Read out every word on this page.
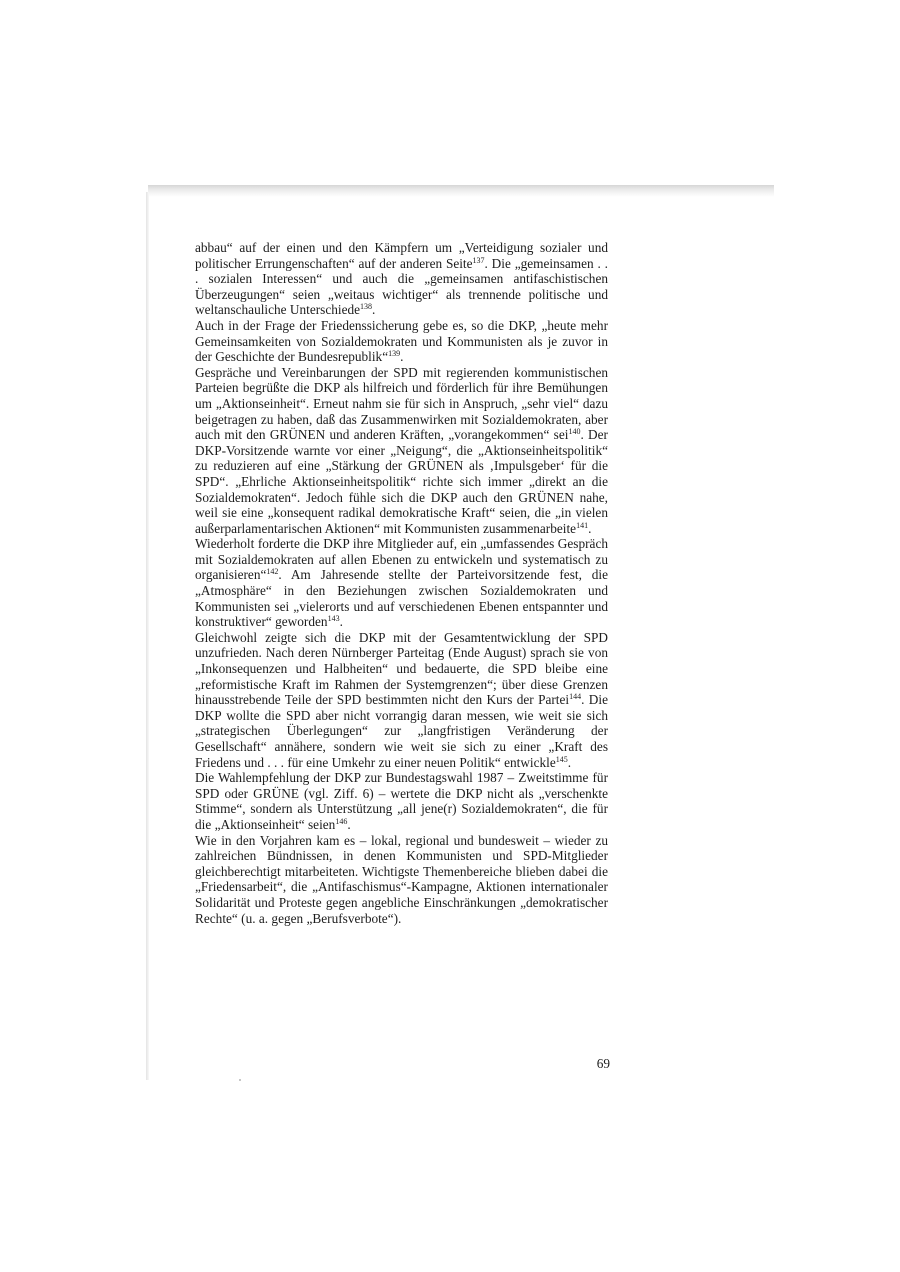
abbau“ auf der einen und den Kämpfern um „Verteidigung sozialer und politischer Errungenschaften“ auf der anderen Seite$^{137}$. Die „gemeinsamen . . . sozialen Interessen“ und auch die „gemeinsamen antifaschistischen Überzeugungen“ seien „weitaus wichtiger“ als trennende politische und weltanschauliche Unterschiede$^{138}$.

Auch in der Frage der Friedenssicherung gebe es, so die DKP, „heute mehr Gemeinsamkeiten von Sozialdemokraten und Kommunisten als je zuvor in der Geschichte der Bundesrepublik“$^{139}$.

Gespräche und Vereinbarungen der SPD mit regierenden kommunistischen Parteien begrüßte die DKP als hilfreich und förderlich für ihre Bemühungen um „Aktionseinheit“. Erneut nahm sie für sich in Anspruch, „sehr viel“ dazu beigetragen zu haben, daß das Zusammenwirken mit Sozialdemokraten, aber auch mit den GRÜNEN und anderen Kräften, „vorangekommen“ sei$^{140}$. Der DKP-Vorsitzende warnte vor einer „Neigung“, die „Aktionseinheitspolitik“ zu reduzieren auf eine „Stärkung der GRÜNEN als ‚Impulsgeber‘ für die SPD“. „Ehrliche Aktionseinheitspolitik“ richte sich immer „direkt an die Sozialdemokraten“. Jedoch fühle sich die DKP auch den GRÜNEN nahe, weil sie eine „konsequent radikal demokratische Kraft“ seien, die „in vielen außerparlamentarischen Aktionen“ mit Kommunisten zusammenarbeite$^{141}$.

Wiederholt forderte die DKP ihre Mitglieder auf, ein „umfassendes Gespräch mit Sozialdemokraten auf allen Ebenen zu entwickeln und systematisch zu organisieren“$^{142}$. Am Jahresende stellte der Parteivorsitzende fest, die „Atmosphäre“ in den Beziehungen zwischen Sozialdemokraten und Kommunisten sei „vielerorts und auf verschiedenen Ebenen entspannter und konstruktiver“ geworden$^{143}$.

Gleichwohl zeigte sich die DKP mit der Gesamtentwicklung der SPD unzufrieden. Nach deren Nürnberger Parteitag (Ende August) sprach sie von „Inkonsequenzen und Halbheiten“ und bedauerte, die SPD bleibe eine „reformistische Kraft im Rahmen der Systemgrenzen“; über diese Grenzen hinausstrebende Teile der SPD bestimmten nicht den Kurs der Partei$^{144}$. Die DKP wollte die SPD aber nicht vorrangig daran messen, wie weit sie sich „strategischen Überlegungen“ zur „langfristigen Veränderung der Gesellschaft“ annähere, sondern wie weit sie sich zu einer „Kraft des Friedens und . . . für eine Umkehr zu einer neuen Politik“ entwickle$^{145}$.

Die Wahlempfehlung der DKP zur Bundestagswahl 1987 – Zweitstimme für SPD oder GRÜNE (vgl. Ziff. 6) – wertete die DKP nicht als „verschenkte Stimme“, sondern als Unterstützung „all jene(r) Sozialdemokraten“, die für die „Aktionseinheit“ seien$^{146}$.

Wie in den Vorjahren kam es – lokal, regional und bundesweit – wieder zu zahlreichen Bündnissen, in denen Kommunisten und SPD-Mitglieder gleichberechtigt mitarbeiteten. Wichtigste Themenbereiche blieben dabei die „Friedensarbeit“, die „Antifaschismus“-Kampagne, Aktionen internationaler Solidarität und Proteste gegen angebliche Einschränkungen „demokratischer Rechte“ (u. a. gegen „Berufsverbote“).

69
